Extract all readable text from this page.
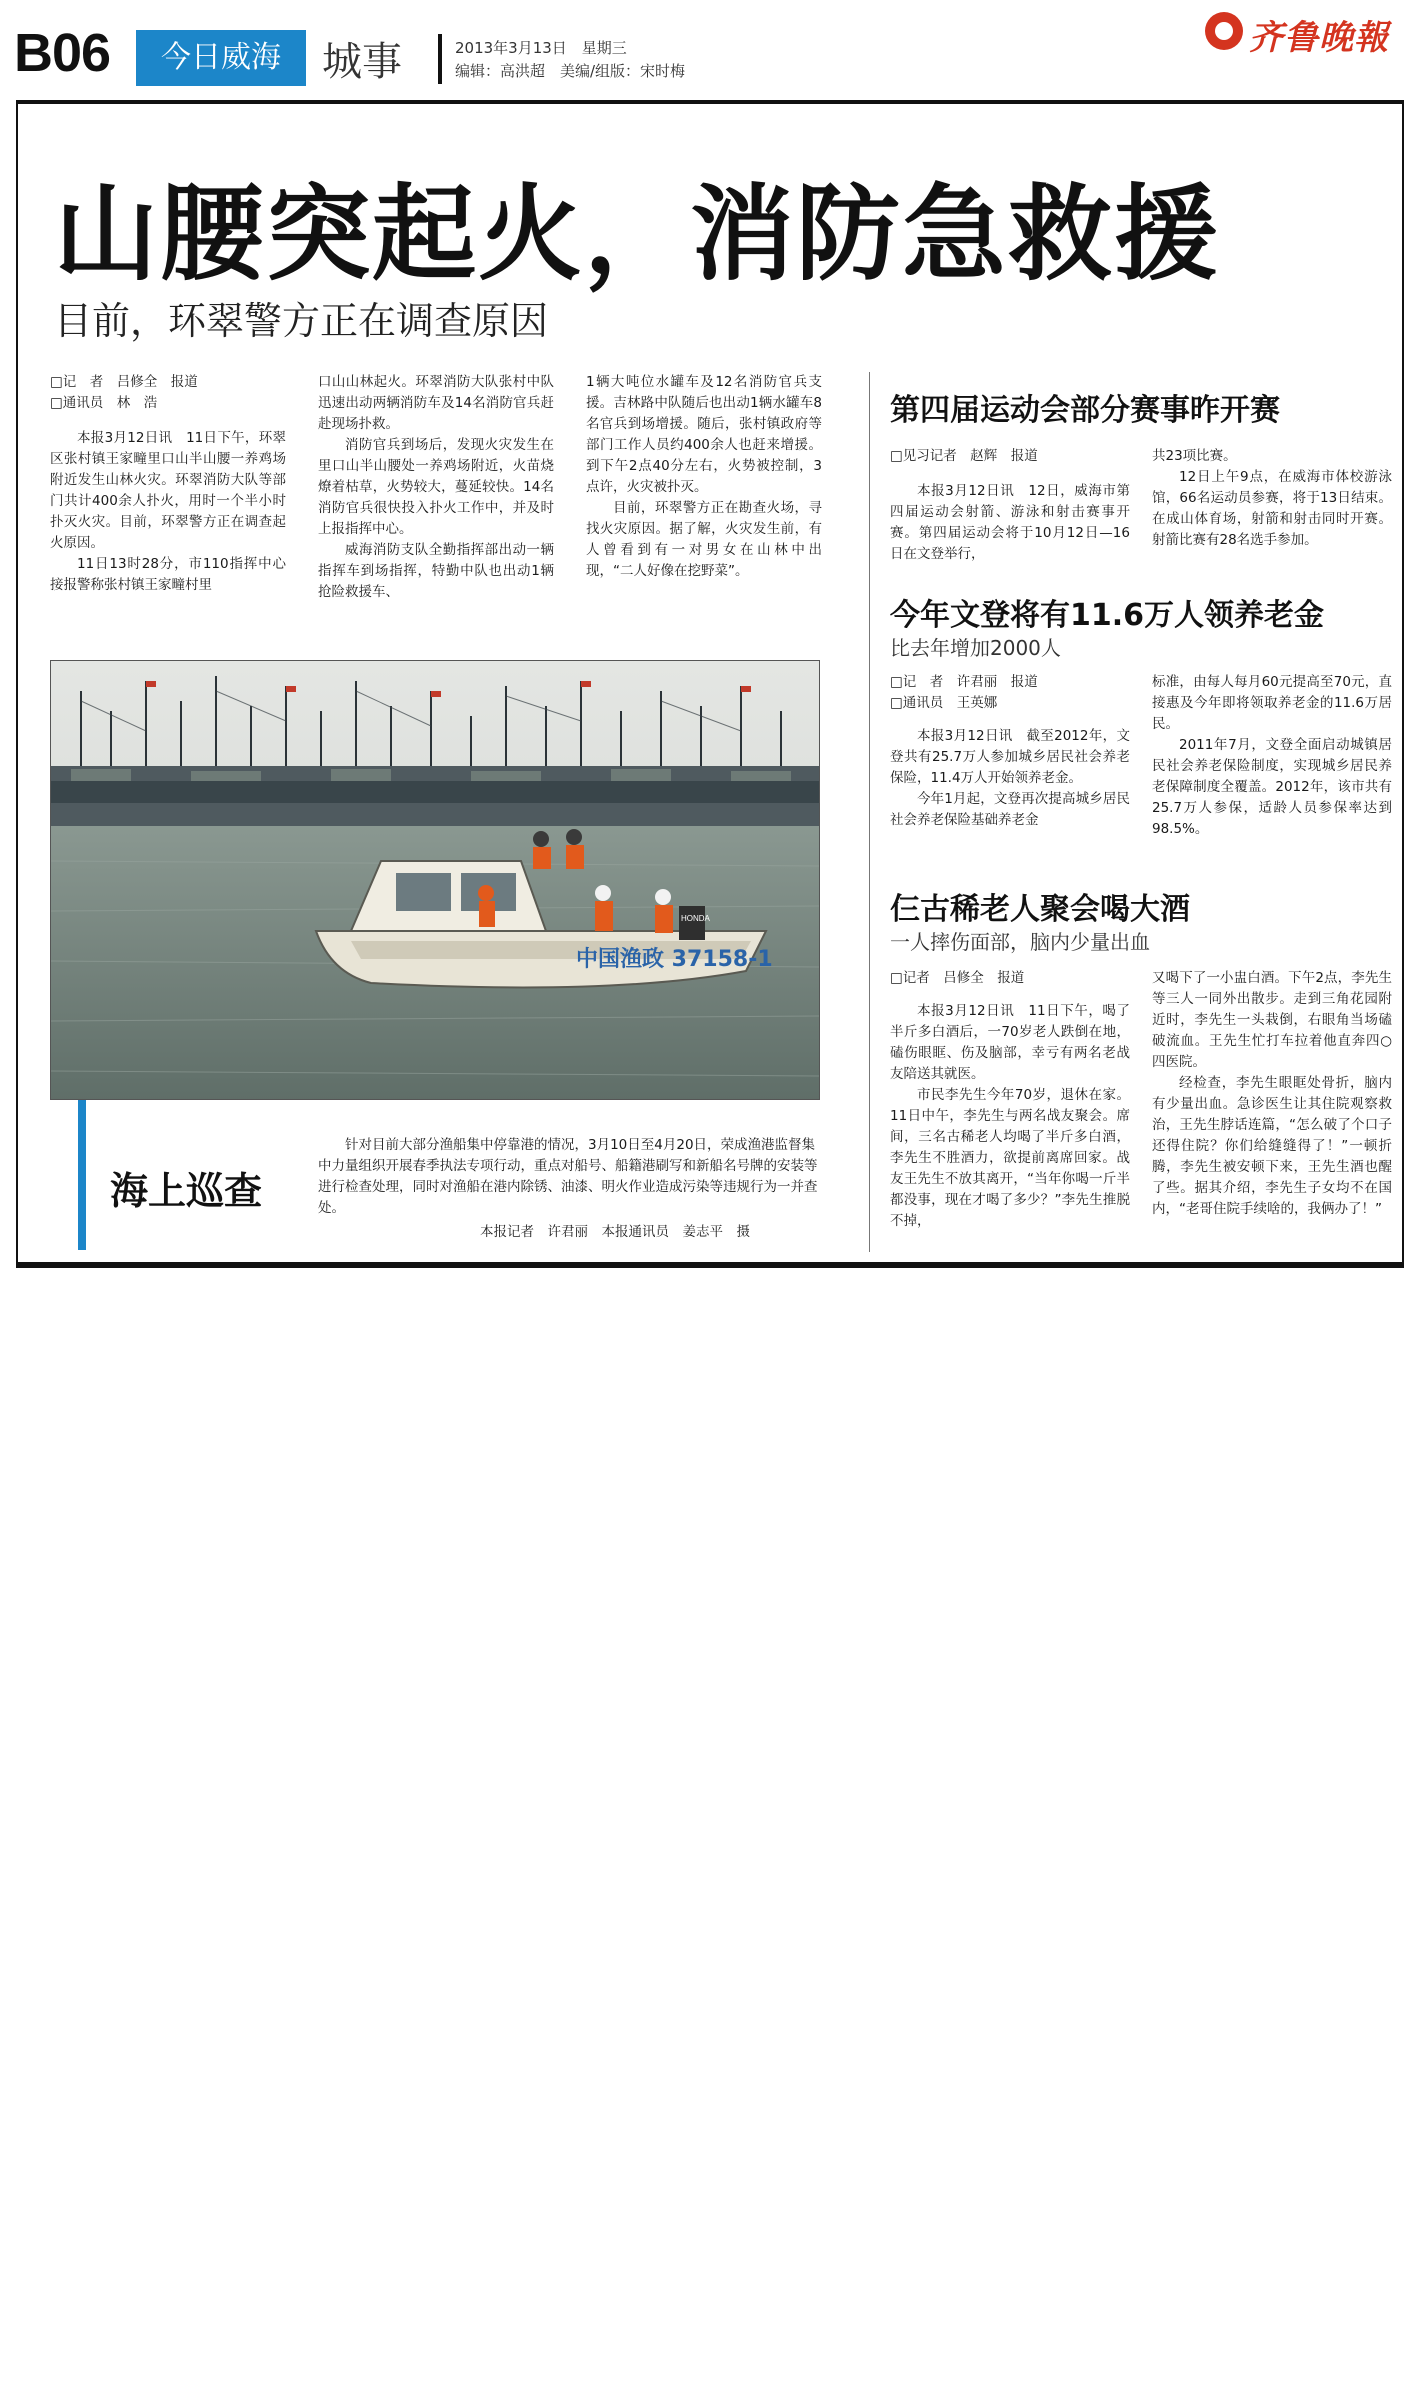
B06	今日威海	城事	2013年3月13日　星期三
编辑：高洪超　美编/组版：宋时梅
齐鲁晚報
山腰突起火，消防急救援
目前，环翠警方正在调查原因

□记　者　吕修全　报道

□通讯员　林　浩

本报3月12日讯　11日下午，环翠区张村镇王家疃里口山半山腰一养鸡场附近发生山林火灾。环翠消防大队等部门共计400余人扑火，用时一个半小时扑灭火灾。目前，环翠警方正在调查起火原因。

11日13时28分，市110指挥中心接报警称张村镇王家疃村里

口山山林起火。环翠消防大队张村中队迅速出动两辆消防车及14名消防官兵赶赴现场扑救。

消防官兵到场后，发现火灾发生在里口山半山腰处一养鸡场附近，火苗烧燎着枯草，火势较大，蔓延较快。14名消防官兵很快投入扑火工作中，并及时上报指挥中心。

威海消防支队全勤指挥部出动一辆指挥车到场指挥，特勤中队也出动1辆抢险救援车、

1辆大吨位水罐车及12名消防官兵支援。吉林路中队随后也出动1辆水罐车8名官兵到场增援。随后，张村镇政府等部门工作人员约400余人也赶来增援。到下午2点40分左右，火势被控制，3点许，火灾被扑灭。

目前，环翠警方正在勘查火场，寻找火灾原因。据了解，火灾发生前，有人曾看到有一对男女在山林中出现，“二人好像在挖野菜”。

HONDA
中国渔政 37158-1
海上巡查

针对目前大部分渔船集中停靠港的情况，3月10日至4月20日，荣成渔港监督集中力量组织开展春季执法专项行动，重点对船号、船籍港刷写和新船名号牌的安装等进行检查处理，同时对渔船在港内除锈、油漆、明火作业造成污染等违规行为一并查处。

本报记者　许君丽　本报通讯员　姜志平　摄
第四届运动会部分赛事昨开赛

□见习记者　赵辉　报道

本报3月12日讯　12日，威海市第四届运动会射箭、游泳和射击赛事开赛。第四届运动会将于10月12日—16日在文登举行，

共23项比赛。

12日上午9点，在威海市体校游泳馆，66名运动员参赛，将于13日结束。在成山体育场，射箭和射击同时开赛。射箭比赛有28名选手参加。

今年文登将有11.6万人领养老金
比去年增加2000人

□记　者　许君丽　报道

□通讯员　王英娜

本报3月12日讯　截至2012年，文登共有25.7万人参加城乡居民社会养老保险，11.4万人开始领养老金。

今年1月起，文登再次提高城乡居民社会养老保险基础养老金

标准，由每人每月60元提高至70元，直接惠及今年即将领取养老金的11.6万居民。

2011年7月，文登全面启动城镇居民社会养老保险制度，实现城乡居民养老保障制度全覆盖。2012年，该市共有25.7万人参保，适龄人员参保率达到98.5%。

仨古稀老人聚会喝大酒
一人摔伤面部，脑内少量出血

□记者　吕修全　报道

本报3月12日讯　11日下午，喝了半斤多白酒后，一70岁老人跌倒在地，磕伤眼眶、伤及脑部，幸亏有两名老战友陪送其就医。

市民李先生今年70岁，退休在家。11日中午，李先生与两名战友聚会。席间，三名古稀老人均喝了半斤多白酒，李先生不胜酒力，欲提前离席回家。战友王先生不放其离开，“当年你喝一斤半都没事，现在才喝了多少？”李先生推脱不掉，

又喝下了一小盅白酒。下午2点，李先生等三人一同外出散步。走到三角花园附近时，李先生一头栽倒，右眼角当场磕破流血。王先生忙打车拉着他直奔四○四医院。

经检查，李先生眼眶处骨折，脑内有少量出血。急诊医生让其住院观察救治，王先生脖话连篇，“怎么破了个口子还得住院？你们给缝缝得了！”一顿折腾，李先生被安顿下来，王先生酒也醒了些。据其介绍，李先生子女均不在国内，“老哥住院手续啥的，我俩办了！”
